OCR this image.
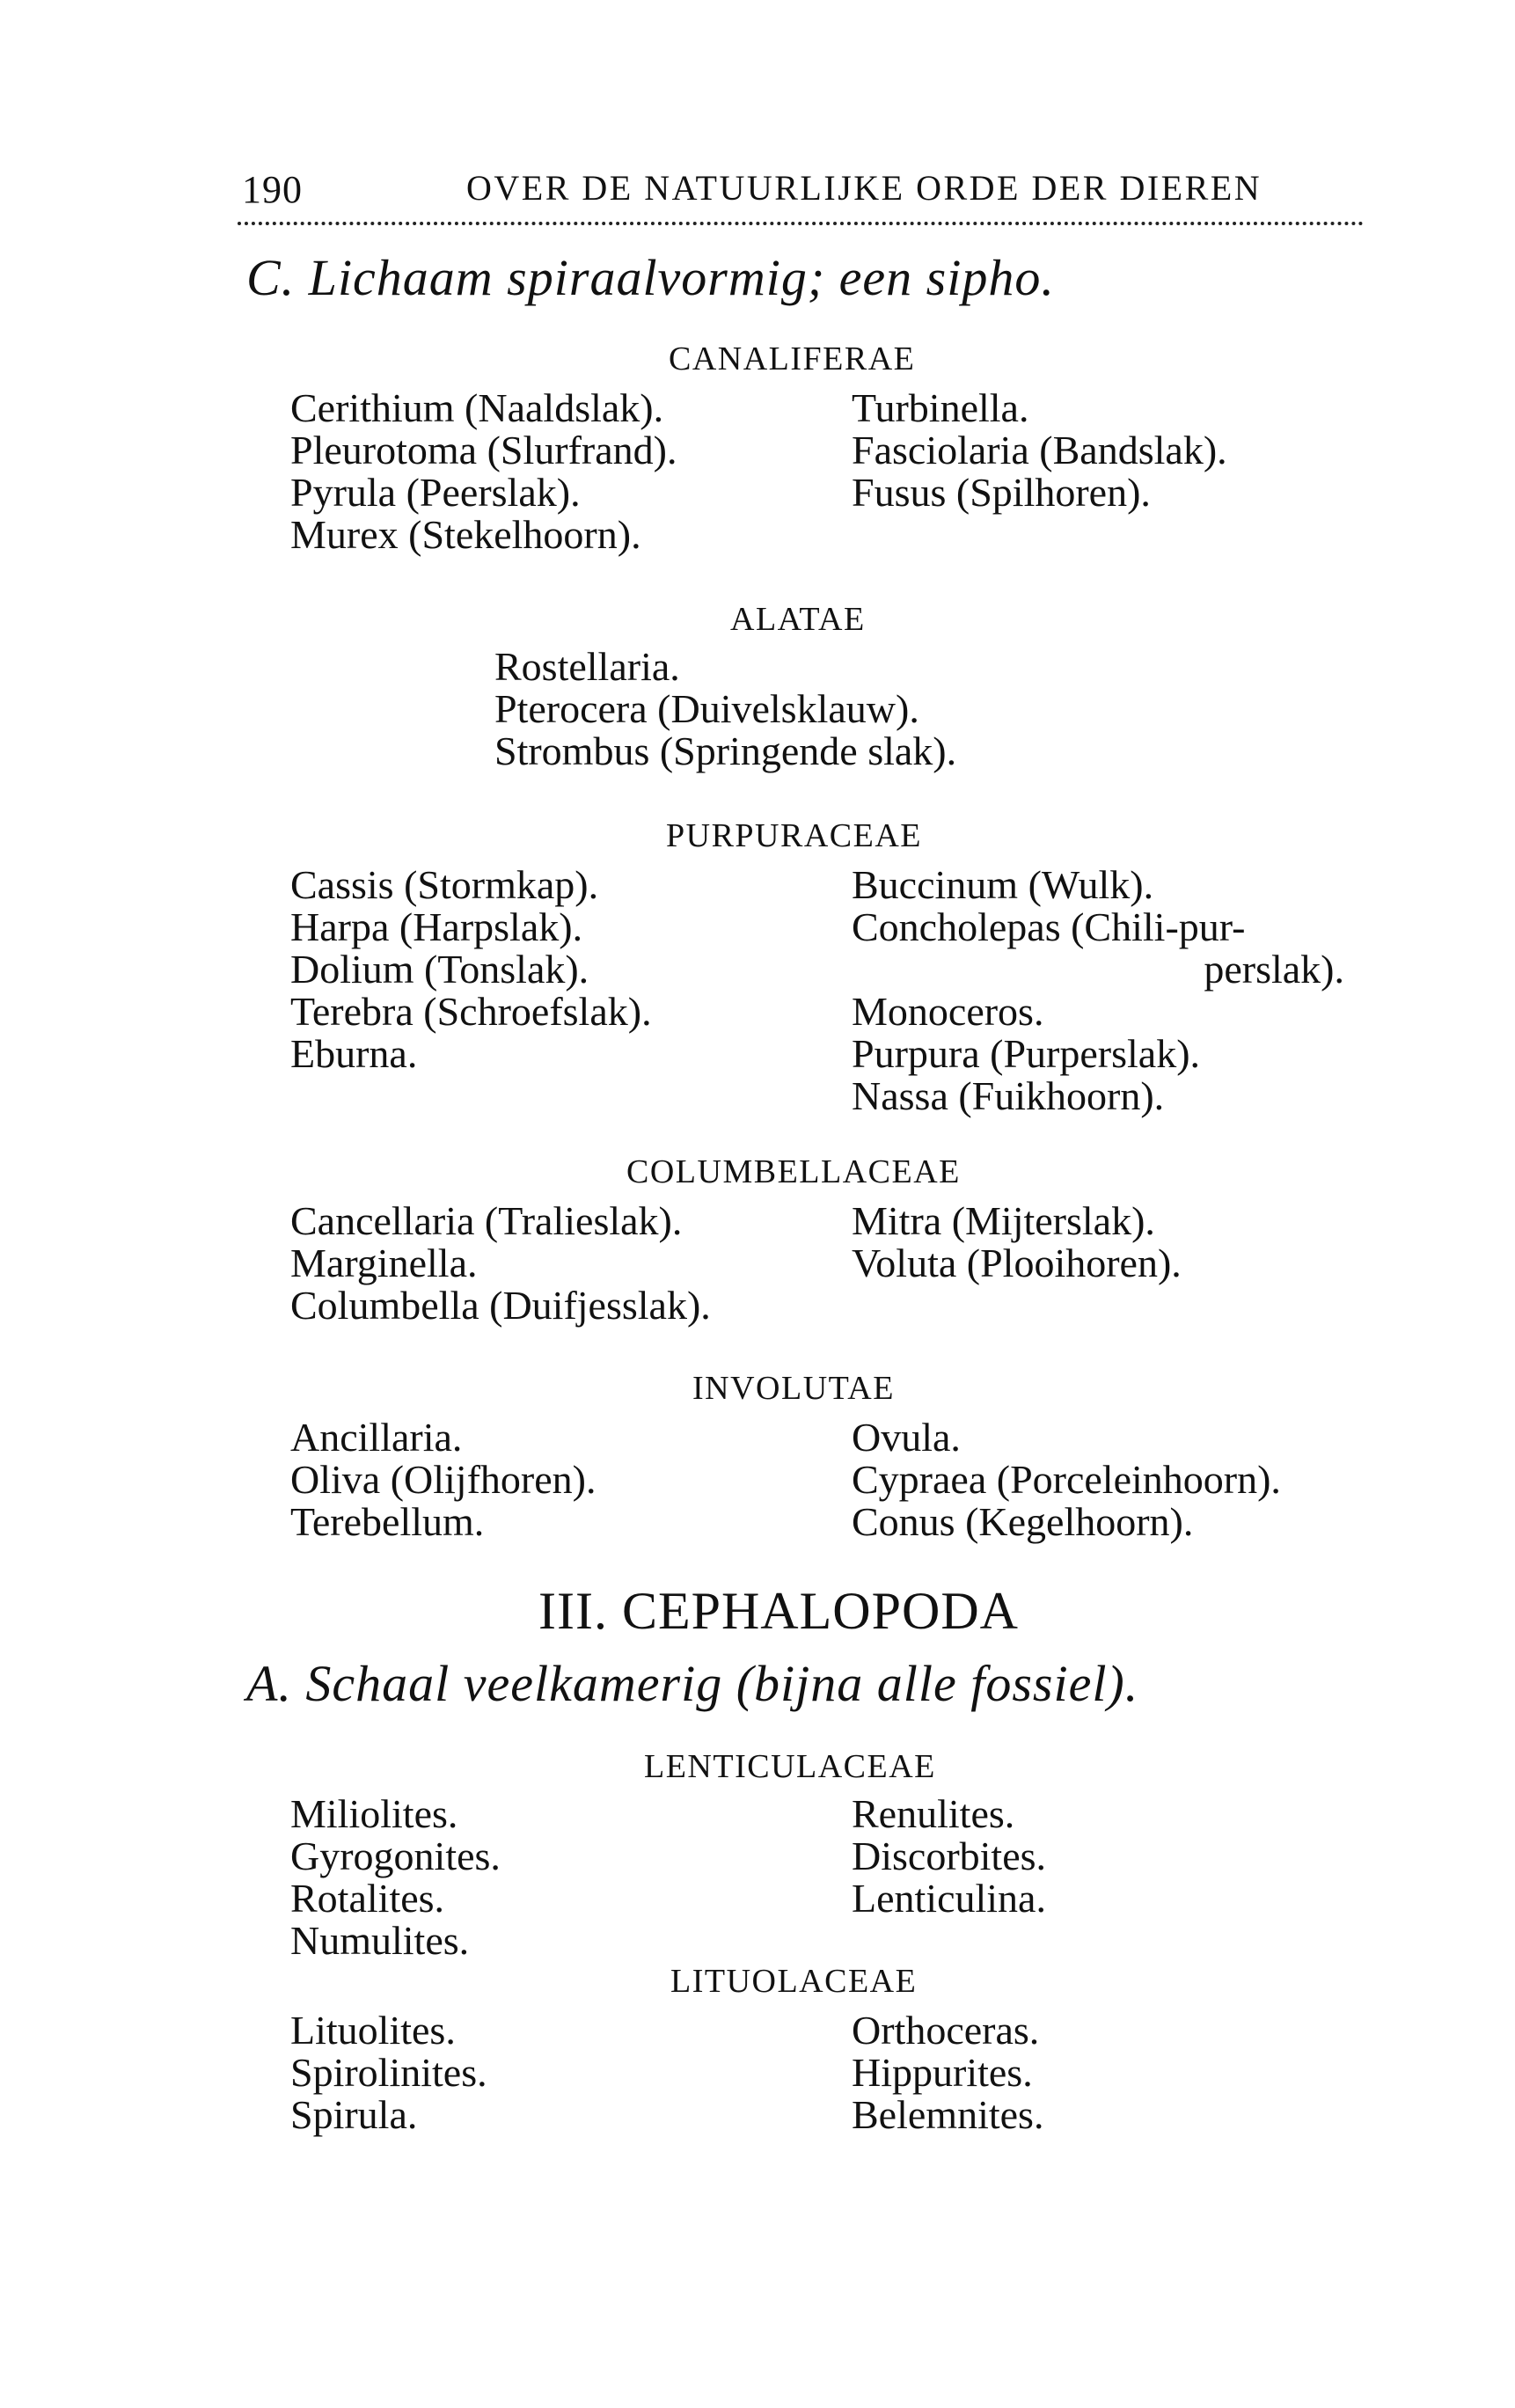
190	OVER DE NATUURLIJKE ORDE DER DIEREN
C. Lichaam spiraalvormig; een sipho.
CANALIFERAE
Cerithium (Naaldslak).
Pleurotoma (Slurfrand).
Pyrula (Peerslak).
Murex (Stekelhoorn).
Turbinella.
Fasciolaria (Bandslak).
Fusus (Spilhoren).
ALATAE
Rostellaria.
Pterocera (Duivelsklauw).
Strombus (Springende slak).
PURPURACEAE
Cassis (Stormkap).
Harpa (Harpslak).
Dolium (Tonslak).
Terebra (Schroefslak).
Eburna.
Buccinum (Wulk).
Concholepas (Chili-pur-
perslak).
Monoceros.
Purpura (Purperslak).
Nassa (Fuikhoorn).
COLUMBELLACEAE
Cancellaria (Tralieslak).
Marginella.
Columbella (Duifjesslak).
Mitra (Mijterslak).
Voluta (Plooihoren).
INVOLUTAE
Ancillaria.
Oliva (Olijfhoren).
Terebellum.
Ovula.
Cypraea (Porceleinhoorn).
Conus (Kegelhoorn).
III. CEPHALOPODA
A. Schaal veelkamerig (bijna alle fossiel).
LENTICULACEAE
Miliolites.
Gyrogonites.
Rotalites.
Numulites.
Renulites.
Discorbites.
Lenticulina.
LITUOLACEAE
Lituolites.
Spirolinites.
Spirula.
Orthoceras.
Hippurites.
Belemnites.
